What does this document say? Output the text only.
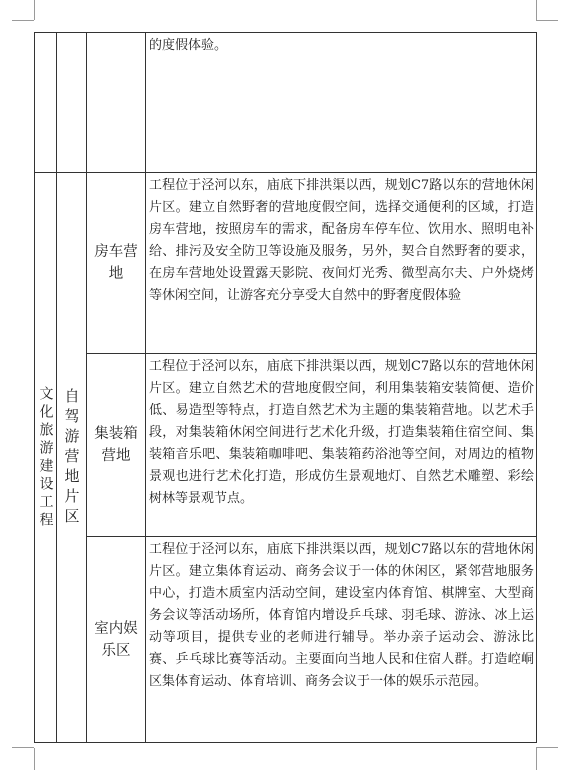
			的度假体验。

文化旅游建设工程	自驾游营地片区	房车营地	工程位于泾河以东，庙底下排洪渠以西，规划C7路以东的营地休闲片区。建立自然野奢的营地度假空间，选择交通便利的区域，打造房车营地，按照房车的需求，配备房车停车位、饮用水、照明电补给、排污及安全防卫等设施及服务，另外，契合自然野奢的要求，在房车营地处设置露天影院、夜间灯光秀、微型高尔夫、户外烧烤等休闲空间，让游客充分享受大自然中的野奢度假体验

		集装箱营地	工程位于泾河以东，庙底下排洪渠以西，规划C7路以东的营地休闲片区。建立自然艺术的营地度假空间，利用集装箱安装简便、造价低、易造型等特点，打造自然艺术为主题的集装箱营地。以艺术手段，对集装箱休闲空间进行艺术化升级，打造集装箱住宿空间、集装箱音乐吧、集装箱咖啡吧、集装箱药浴池等空间，对周边的植物景观也进行艺术化打造，形成仿生景观地灯、自然艺术雕塑、彩绘树林等景观节点。

		室内娱乐区	工程位于泾河以东，庙底下排洪渠以西，规划C7路以东的营地休闲片区。建立集体育运动、商务会议于一体的休闲区，紧邻营地服务中心，打造木质室内活动空间，建设室内体育馆、棋牌室、大型商务会议等活动场所，体育馆内增设乒乓球、羽毛球、游泳、冰上运动等项目，提供专业的老师进行辅导。举办亲子运动会、游泳比赛、乒乓球比赛等活动。主要面向当地人民和住宿人群。打造崆峒区集体育运动、体育培训、商务会议于一体的娱乐示范园。
